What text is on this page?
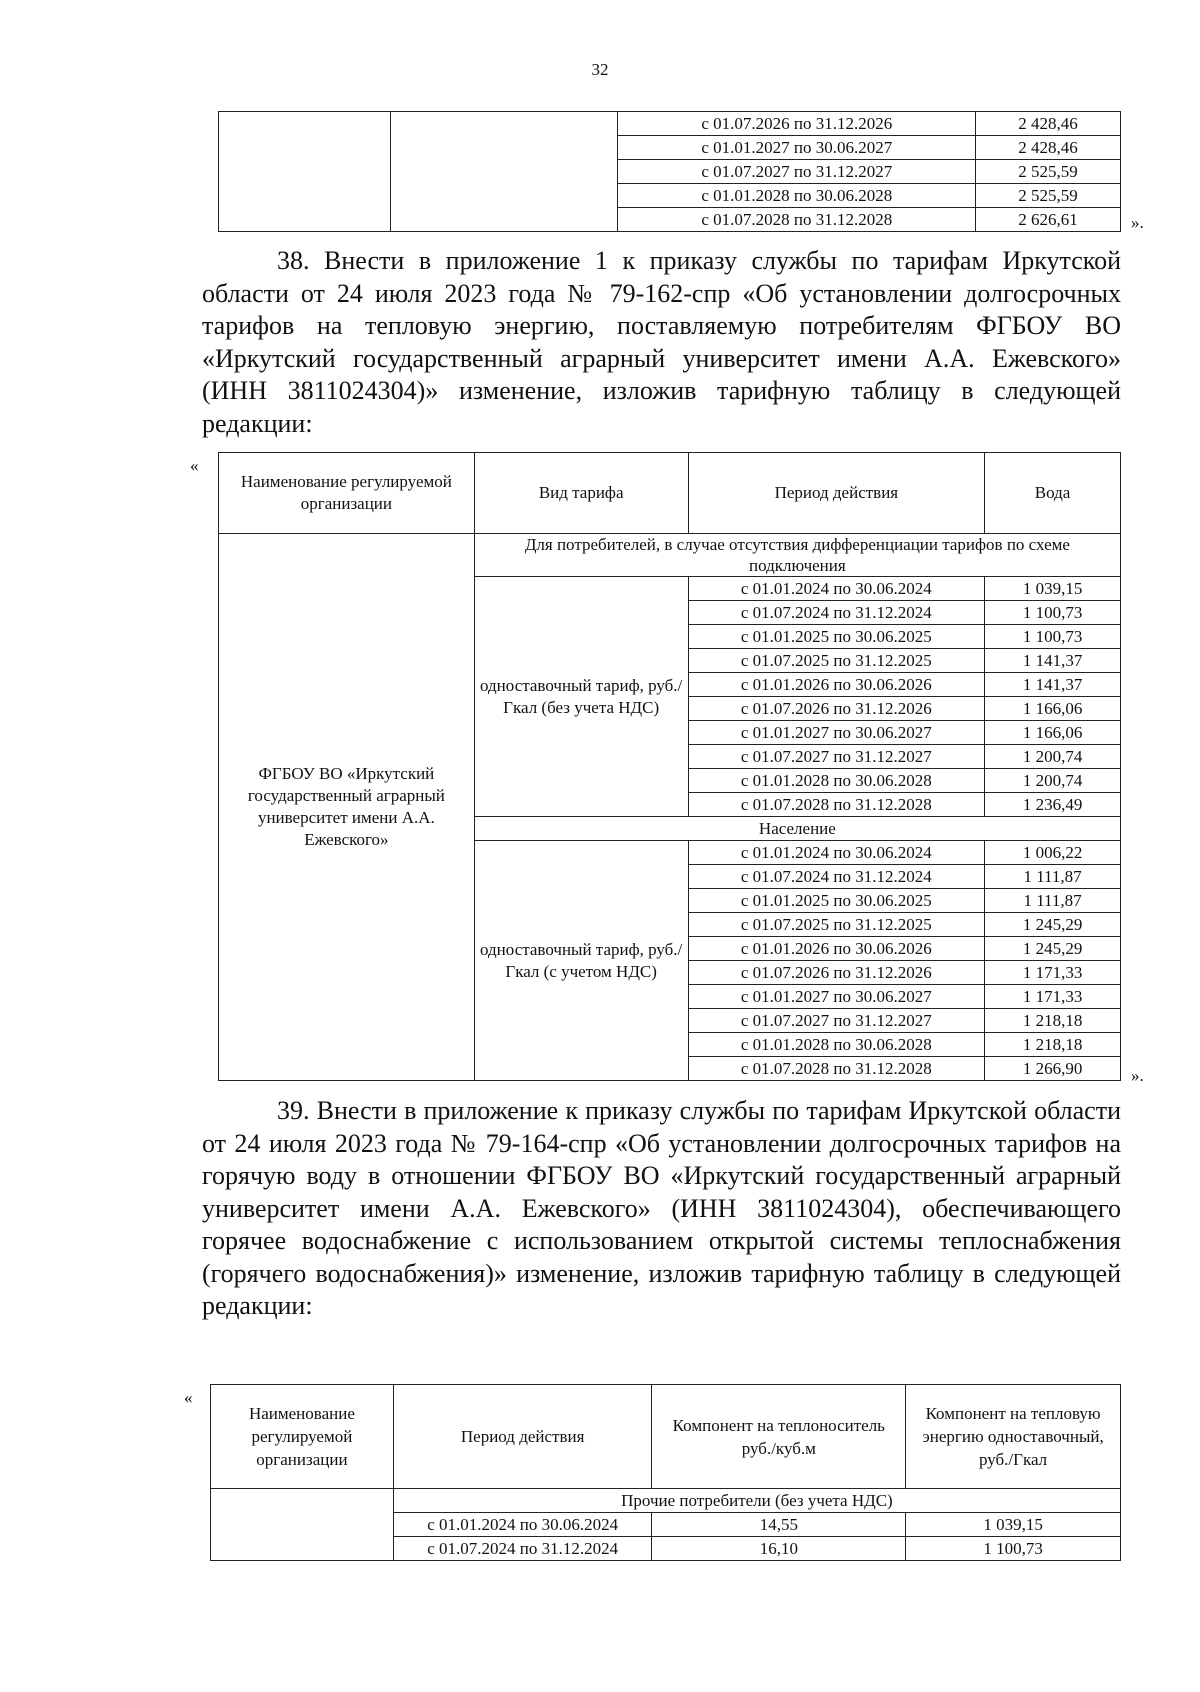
32
		с 01.07.2026 по 31.12.2026	2 428,46
		с 01.01.2027 по 30.06.2027	2 428,46
		с 01.07.2027 по 31.12.2027	2 525,59
		с 01.01.2028 по 30.06.2028	2 525,59
		с 01.07.2028 по 31.12.2028	2 626,61	».

38. Внести в приложение 1 к приказу службы по тарифам Иркутской области от 24 июля 2023 года № 79-162-спр «Об установлении долгосрочных тарифов на тепловую энергию, поставляемую потребителям ФГБОУ ВО «Иркутский государственный аграрный университет имени А.А. Ежевского» (ИНН 3811024304)» изменение, изложив тарифную таблицу в следующей редакции:

«
Наименование регулируемой организации	Вид тарифа	Период действия	Вода
ФГБОУ ВО «Иркутский государственный аграрный университет имени А.А. Ежевского»	Для потребителей, в случае отсутствия дифференциации тарифов по схеме подключения		
	одноставочный тариф, руб./Гкал (без учета НДС)	с 01.01.2024 по 30.06.2024	1 039,15
		с 01.07.2024 по 31.12.2024	1 100,73
		с 01.01.2025 по 30.06.2025	1 100,73
		с 01.07.2025 по 31.12.2025	1 141,37
		с 01.01.2026 по 30.06.2026	1 141,37
		с 01.07.2026 по 31.12.2026	1 166,06
		с 01.01.2027 по 30.06.2027	1 166,06
		с 01.07.2027 по 31.12.2027	1 200,74
		с 01.01.2028 по 30.06.2028	1 200,74
		с 01.07.2028 по 31.12.2028	1 236,49
	Население		
	одноставочный тариф, руб./Гкал (с учетом НДС)	с 01.01.2024 по 30.06.2024	1 006,22
		с 01.07.2024 по 31.12.2024	1 111,87
		с 01.01.2025 по 30.06.2025	1 111,87
		с 01.07.2025 по 31.12.2025	1 245,29
		с 01.01.2026 по 30.06.2026	1 245,29
		с 01.07.2026 по 31.12.2026	1 171,33
		с 01.01.2027 по 30.06.2027	1 171,33
		с 01.07.2027 по 31.12.2027	1 218,18
		с 01.01.2028 по 30.06.2028	1 218,18
		с 01.07.2028 по 31.12.2028	1 266,90	».

39. Внести в приложение к приказу службы по тарифам Иркутской области от 24 июля 2023 года № 79-164-спр «Об установлении долгосрочных тарифов на горячую воду в отношении ФГБОУ ВО «Иркутский государственный аграрный университет имени А.А. Ежевского» (ИНН 3811024304), обеспечивающего горячее водоснабжение с использованием открытой системы теплоснабжения (горячего водоснабжения)» изменение, изложив тарифную таблицу в следующей редакции:

«
Наименование регулируемой организации	Период действия	Компонент на теплоноситель руб./куб.м	Компонент на тепловую энергию одноставочный, руб./Гкал
	Прочие потребители (без учета НДС)		
	с 01.01.2024 по 30.06.2024	14,55	1 039,15
	с 01.07.2024 по 31.12.2024	16,10	1 100,73
